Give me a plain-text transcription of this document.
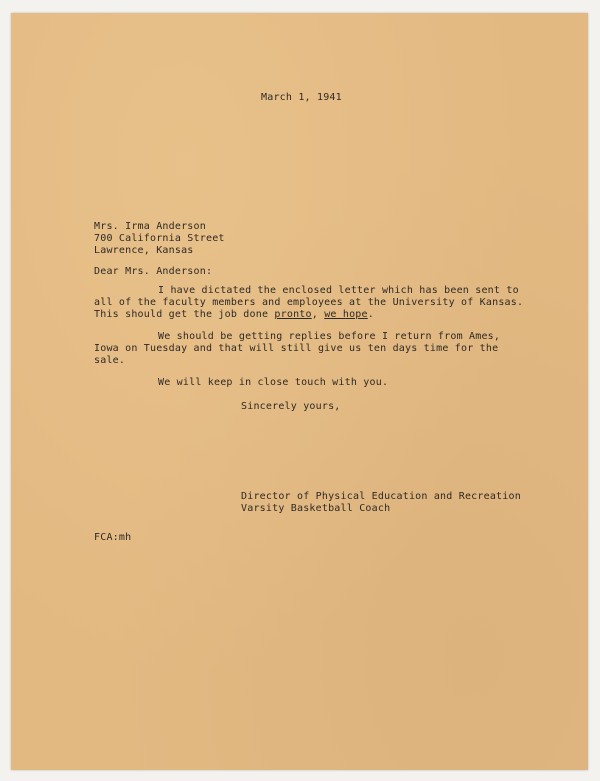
March 1, 1941

Mrs. Irma Anderson

700 California Street

Lawrence, Kansas

Dear Mrs. Anderson:

I have dictated the enclosed letter which has been sent to

all of the faculty members and employees at the University of Kansas.

This should get the job done pronto, we hope.

We should be getting replies before I return from Ames,

Iowa on Tuesday and that will still give us ten days time for the

sale.

We will keep in close touch with you.

Sincerely yours,

Director of Physical Education and Recreation

Varsity Basketball Coach

FCA:mh
